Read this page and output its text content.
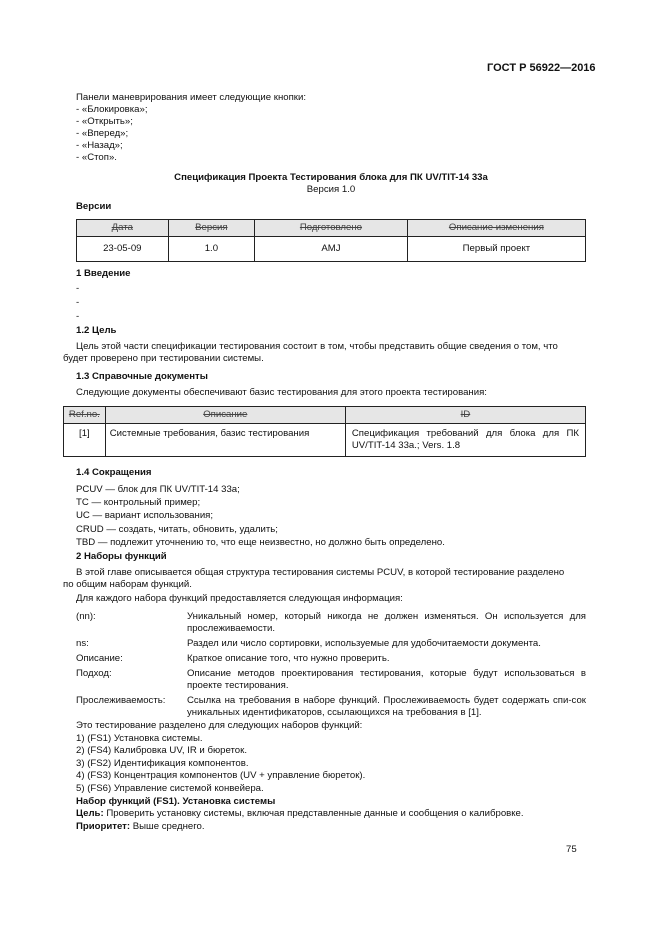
ГОСТ Р 56922—2016
Панели маневрирования имеет следующие кнопки:
- «Блокировка»;
- «Открыть»;
- «Вперед»;
- «Назад»;
- «Стоп».
Спецификация Проекта Тестирования блока для ПК UV/TIT-14 33a
Версия 1.0
Версии
Дата	Версия	Подготовлено	Описание изменения
23-05-09	1.0	AMJ	Первый проект
1 Введение
-
-
-
1.2 Цель
Цель этой части спецификации тестирования состоит в том, чтобы представить общие сведения о том, что
будет проверено при тестировании системы.
1.3 Справочные документы
Следующие документы обеспечивают базис тестирования для этого проекта тестирования:
Ref.no.	Описание	ID
[1]	Системные требования, базис тестирования	Спецификация требований для блока для ПК UV/TIT-14 33a.; Vers. 1.8
1.4 Сокращения
PCUV — блок для ПК UV/TIT-14 33a;
TC — контрольный пример;
UC — вариант использования;
CRUD — создать, читать, обновить, удалить;
TBD — подлежит уточнению то, что еще неизвестно, но должно быть определено.
2 Наборы функций
В этой главе описывается общая структура тестирования системы PCUV, в которой тестирование разделено
по общим наборам функций.
Для каждого набора функций предоставляется следующая информация:
(nn):	Уникальный номер, который никогда не должен изменяться. Он используется для прослеживаемости.
ns:	Раздел или число сортировки, используемые для удобочитаемости документа.
Описание:	Краткое описание того, что нужно проверить.
Подход:	Описание методов проектирования тестирования, которые будут использоваться в проекте тестирования.
Прослеживаемость:	Ссылка на требования в наборе функций. Прослеживаемость будет содержать спи-сок уникальных идентификаторов, ссылающихся на требования в [1].
Это тестирование разделено для следующих наборов функций:
1) (FS1) Установка системы.
2) (FS4) Калибровка UV, IR и бюреток.
3) (FS2) Идентификация компонентов.
4) (FS3) Концентрация компонентов (UV + управление бюреток).
5) (FS6) Управление системой конвейера.
Набор функций (FS1). Установка системы
Цель: Проверить установку системы, включая представленные данные и сообщения о калибровке.
Приоритет: Выше среднего.
75
